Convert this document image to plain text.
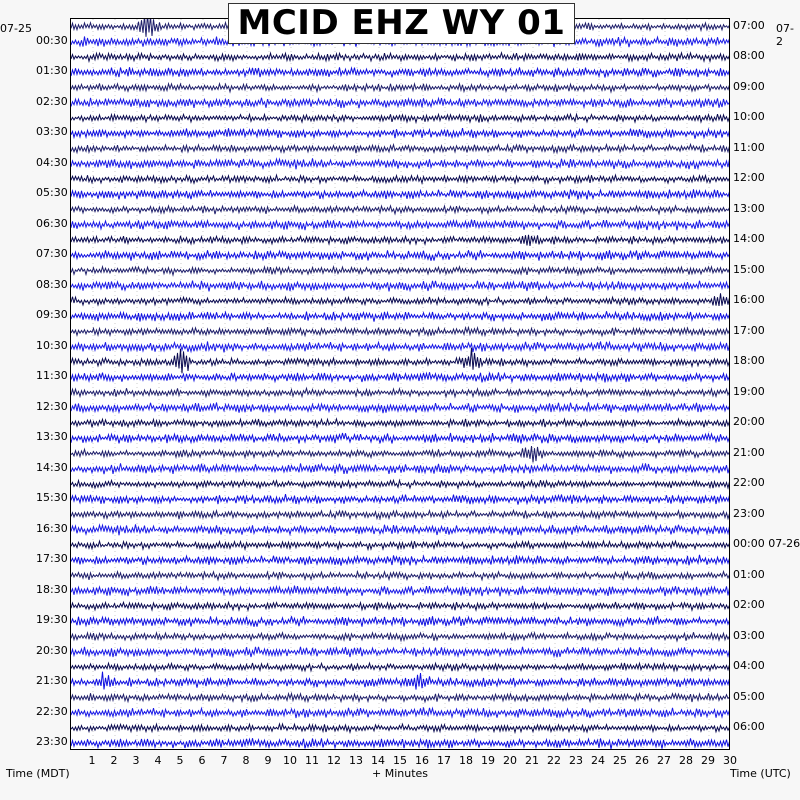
MCID EHZ WY 01
07-25	07-2
00:30
01:30
02:30
03:30
04:30
05:30
06:30
07:30
08:30
09:30
10:30
11:30
12:30
13:30
14:30
15:30
16:30
17:30
18:30
19:30
20:30
21:30
22:30
23:30
07:00
08:00
09:00
10:00
11:00
12:00
13:00
14:00
15:00
16:00
17:00
18:00
19:00
20:00
21:00
22:00
23:00
00:00 07-26
01:00
02:00
03:00
04:00
05:00
06:00
1	2	3	4	5	6	7	8	9	10 11 12 13 14 15 16 17 18 19 20 21 22 23 24 25 26 27 28 29 30
Time (MDT)	+ Minutes	Time (UTC)
